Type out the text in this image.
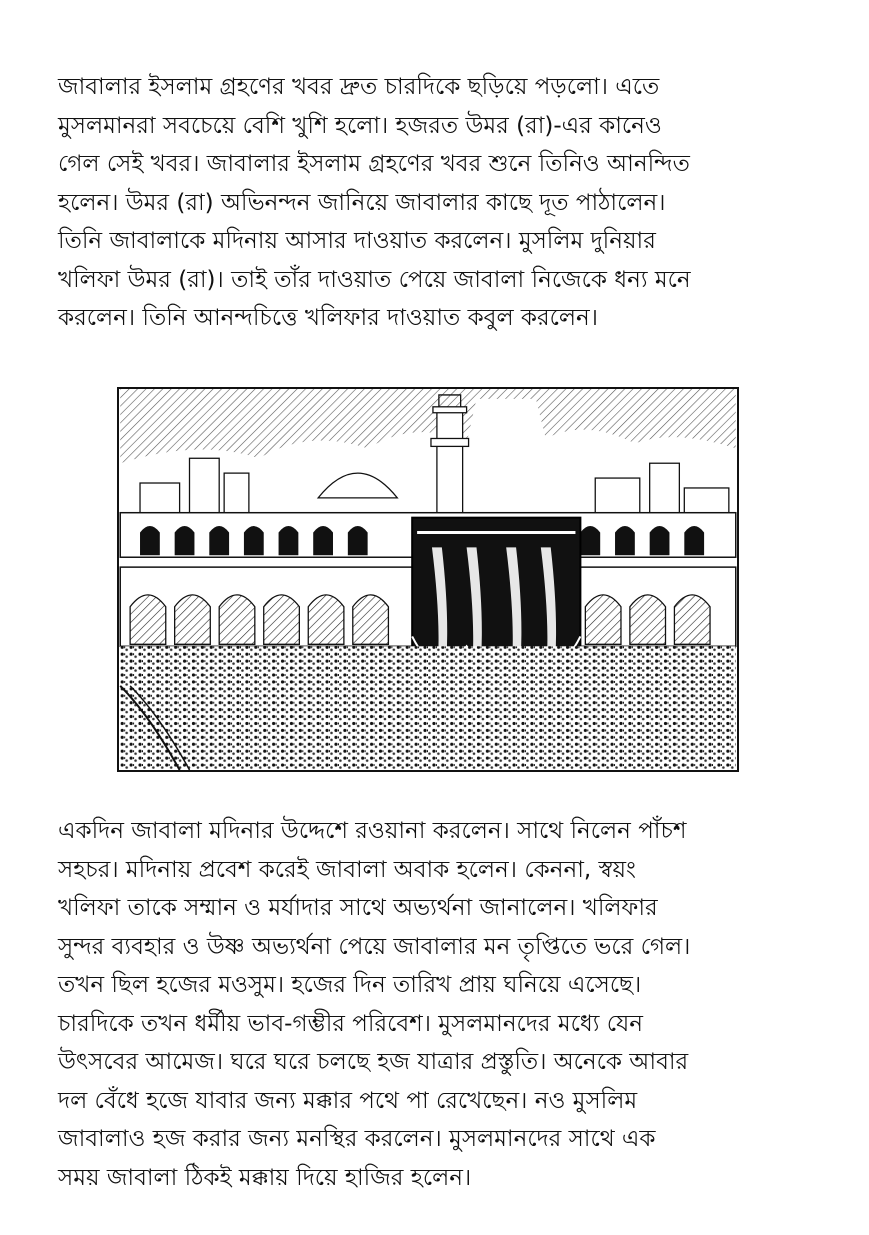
জাবালার ইসলাম গ্রহণের খবর দ্রুত চারদিকে ছড়িয়ে পড়লো। এতে
মুসলমানরা সবচেয়ে বেশি খুশি হলো। হজরত উমর (রা)-এর কানেও
গেল সেই খবর। জাবালার ইসলাম গ্রহণের খবর শুনে তিনিও আনন্দিত
হলেন। উমর (রা) অভিনন্দন জানিয়ে জাবালার কাছে দূত পাঠালেন।
তিনি জাবালাকে মদিনায় আসার দাওয়াত করলেন। মুসলিম দুনিয়ার
খলিফা উমর (রা)। তাই তাঁর দাওয়াত পেয়ে জাবালা নিজেকে ধন্য মনে
করলেন। তিনি আনন্দচিত্তে খলিফার দাওয়াত কবুল করলেন।
একদিন জাবালা মদিনার উদ্দেশে রওয়ানা করলেন। সাথে নিলেন পাঁচশ
সহচর। মদিনায় প্রবেশ করেই জাবালা অবাক হলেন। কেননা, স্বয়ং
খলিফা তাকে সম্মান ও মর্যাদার সাথে অভ্যর্থনা জানালেন। খলিফার
সুন্দর ব্যবহার ও উষ্ণ অভ্যর্থনা পেয়ে জাবালার মন তৃপ্তিতে ভরে গেল।
তখন ছিল হজের মওসুম। হজের দিন তারিখ প্রায় ঘনিয়ে এসেছে।
চারদিকে তখন ধর্মীয় ভাব-গম্ভীর পরিবেশ। মুসলমানদের মধ্যে যেন
উৎসবের আমেজ। ঘরে ঘরে চলছে হজ যাত্রার প্রস্তুতি। অনেকে আবার
দল বেঁধে হজে যাবার জন্য মক্কার পথে পা রেখেছেন। নও মুসলিম
জাবালাও হজ করার জন্য মনস্থির করলেন। মুসলমানদের সাথে এক
সময় জাবালা ঠিকই মক্কায় দিয়ে হাজির হলেন।
